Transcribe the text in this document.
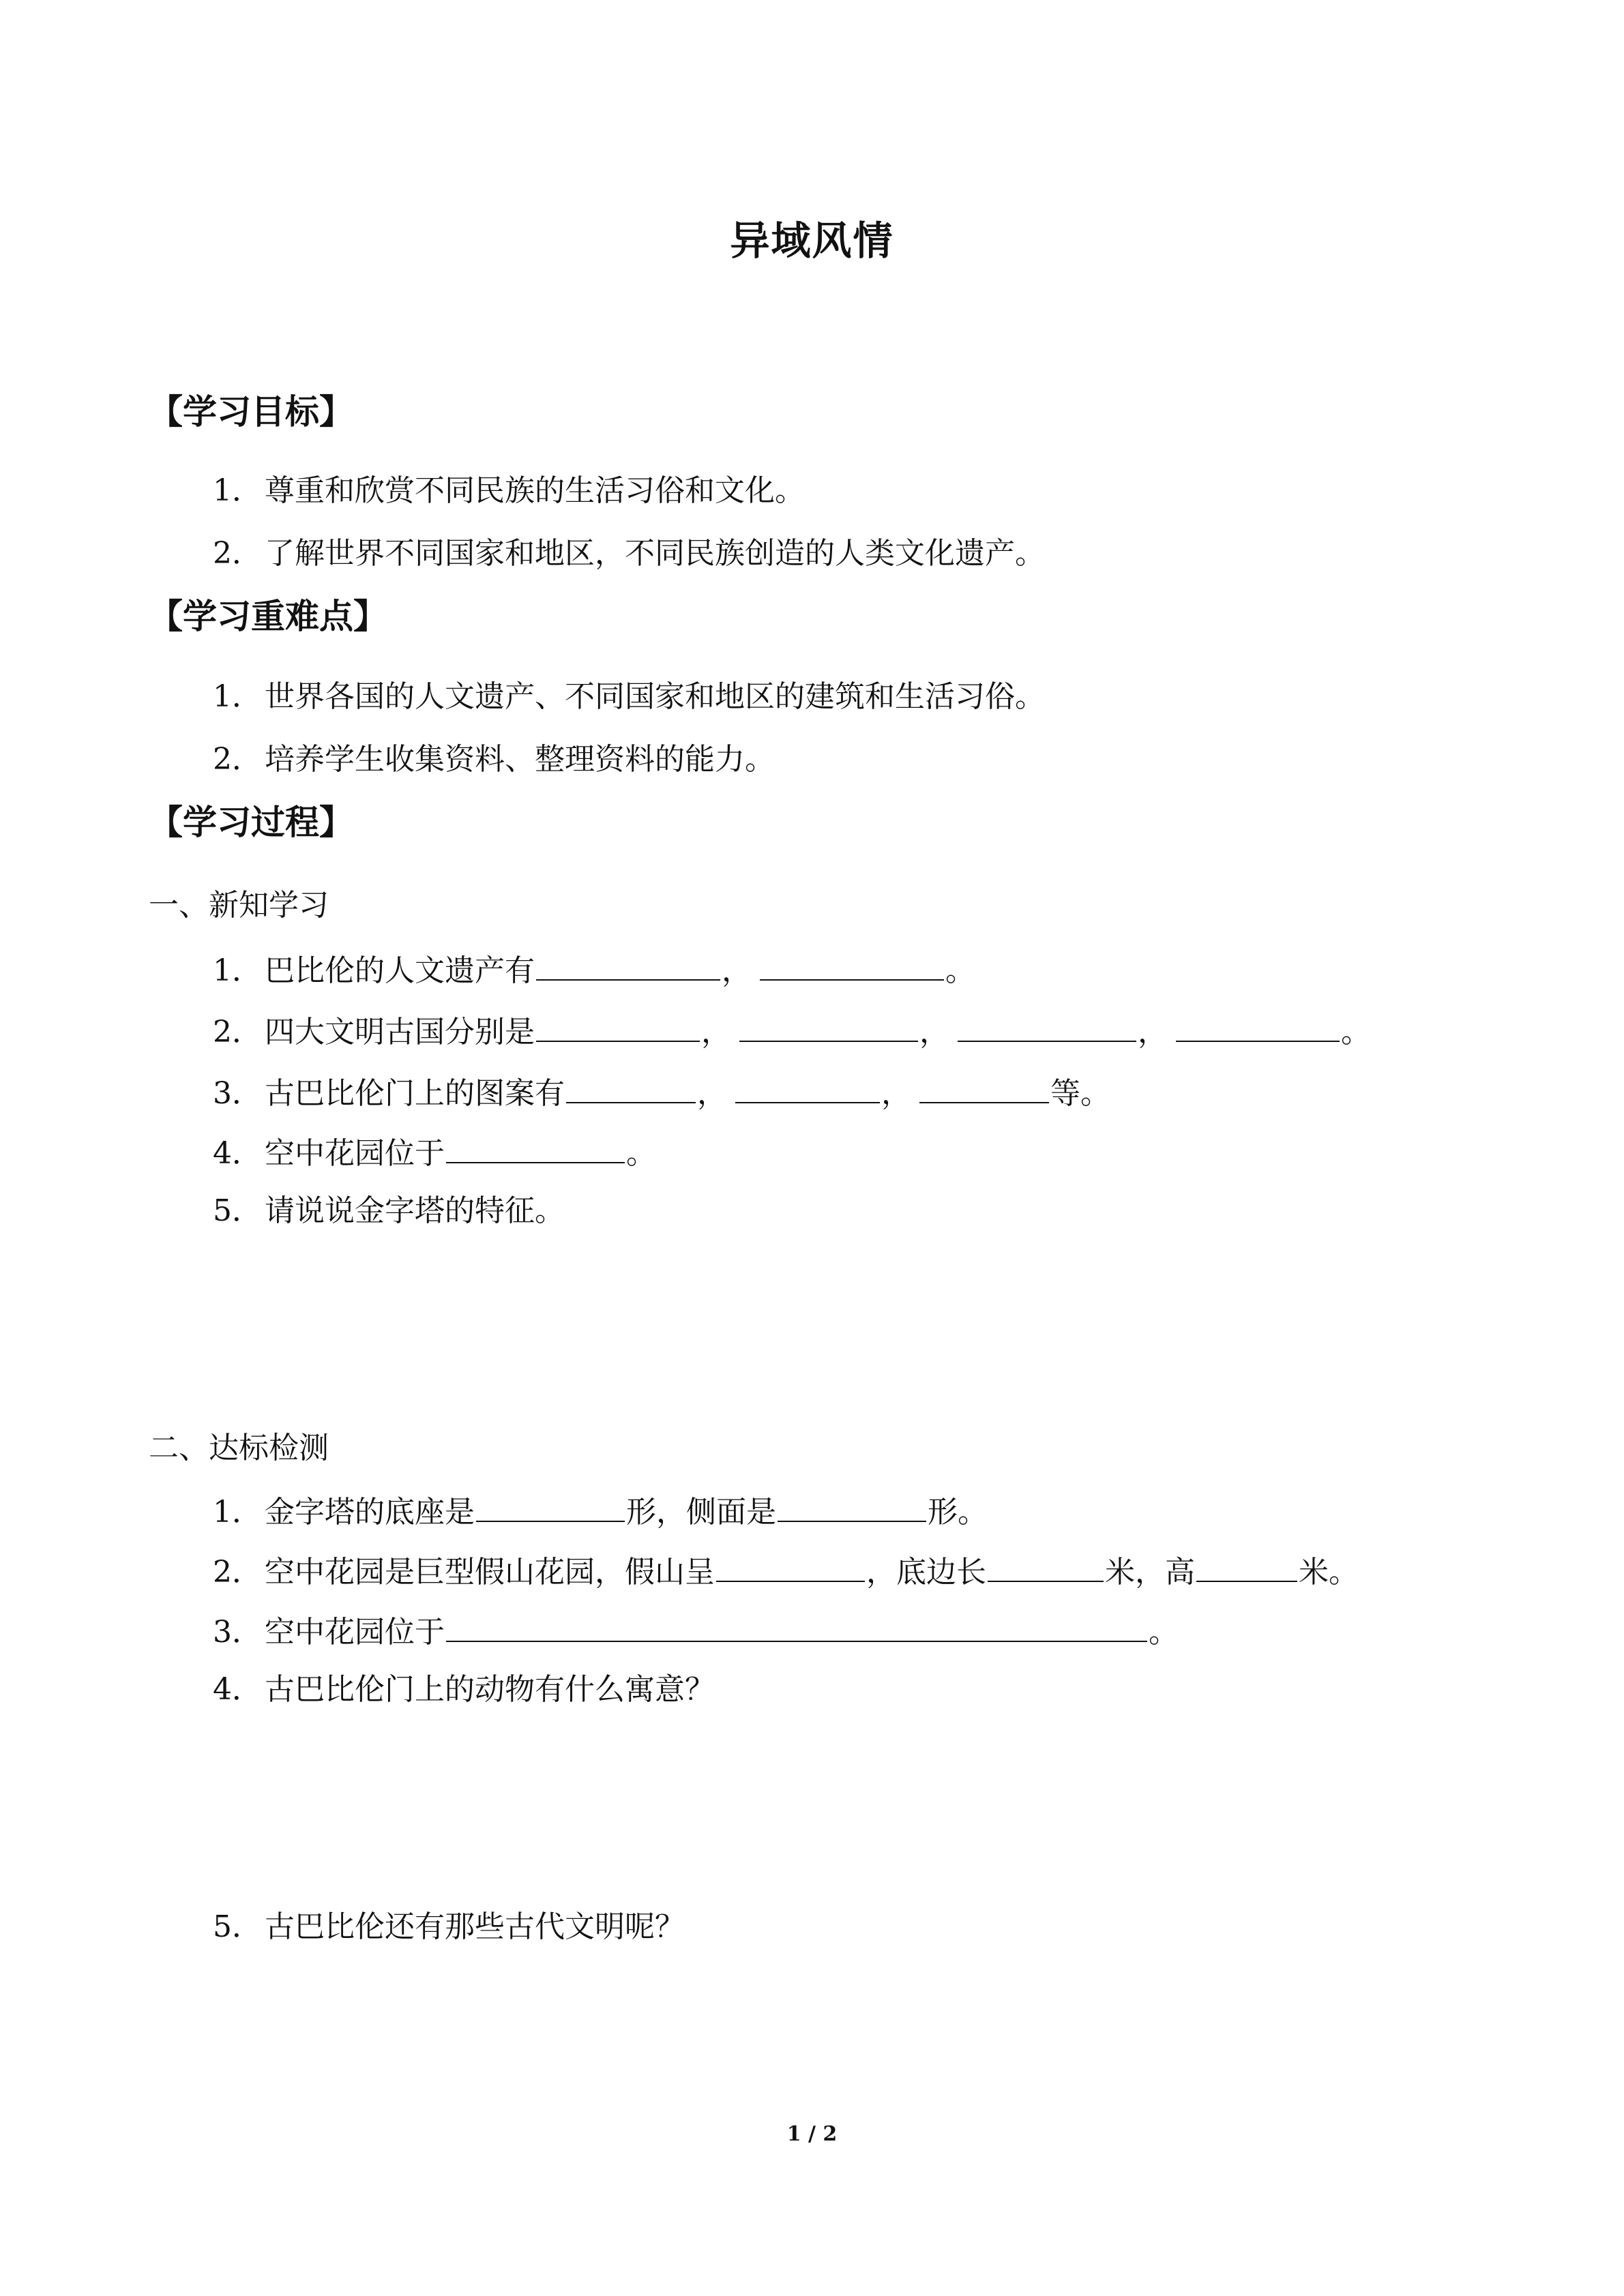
异域风情
【学习目标】
1．尊重和欣赏不同民族的生活习俗和文化。
2．了解世界不同国家和地区，不同民族创造的人类文化遗产。
【学习重难点】
1．世界各国的人文遗产、不同国家和地区的建筑和生活习俗。
2．培养学生收集资料、整理资料的能力。
【学习过程】
一、新知学习
1．巴比伦的人文遗产有	，	。
2．四大文明古国分别是	，	，	，	。
3．古巴比伦门上的图案有	，	，	等。
4．空中花园位于	。
5．请说说金字塔的特征。
二、达标检测
1．金字塔的底座是	形，侧面是	形。
2．空中花园是巨型假山花园，假山呈	，底边长	米，高	米。
3．空中花园位于	。
4．古巴比伦门上的动物有什么寓意？
5．古巴比伦还有那些古代文明呢？
1 / 2
